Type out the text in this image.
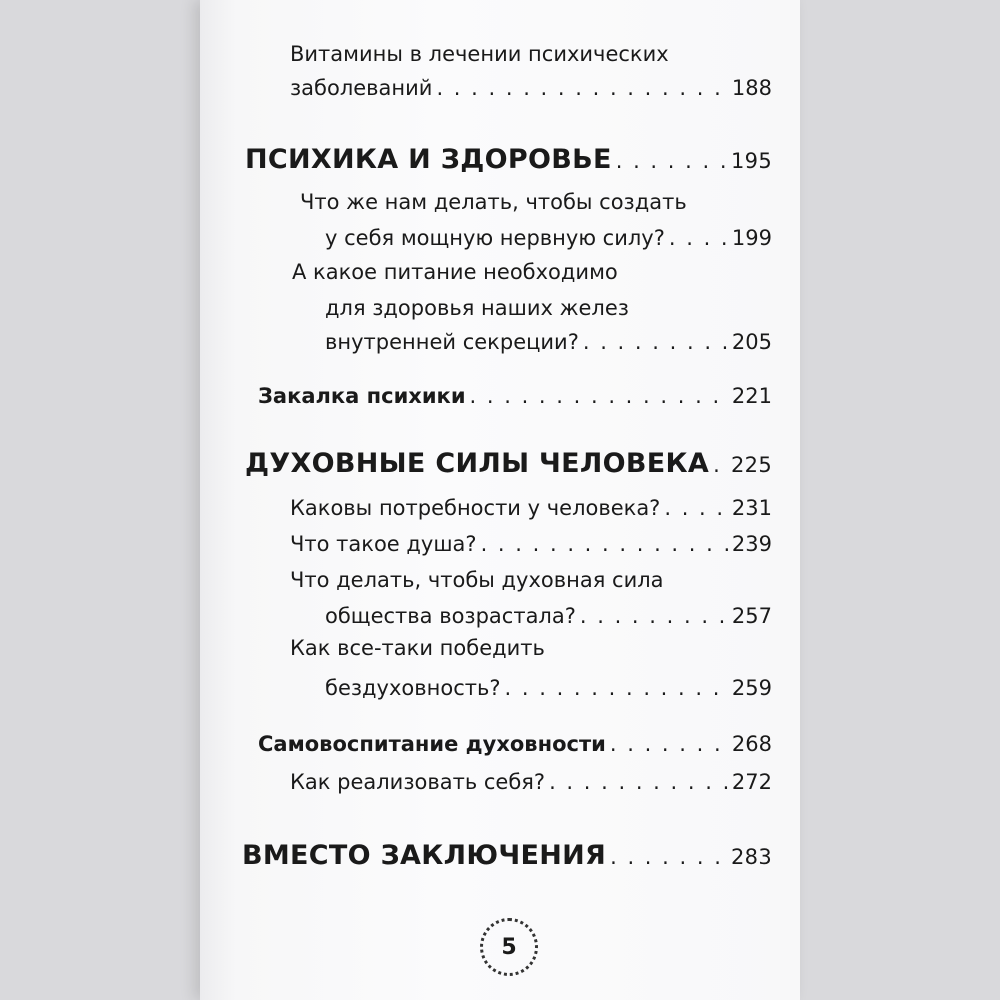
Витамины в лечении психических
заболеваний . . .	188
ПСИХИКА И ЗДОРОВЬЕ . . .	195
Что же нам делать, чтобы создать
у себя мощную нервную силу? . . .	199
А какое питание необходимо
для здоровья наших желез
внутренней секреции? . . .	205
Закалка психики . . .	221
ДУХОВНЫЕ СИЛЫ ЧЕЛОВЕКА . . . 225
Каковы потребности у человека? . . .	231
Что такое душа? . . .	239
Что делать, чтобы духовная сила
общества возрастала? . . .	257
Как все-таки победить
бездуховность? . . .	259
Самовоспитание духовности . . .	268
Как реализовать себя? . . .	272
ВМЕСТО ЗАКЛЮЧЕНИЯ . . .	283
5
